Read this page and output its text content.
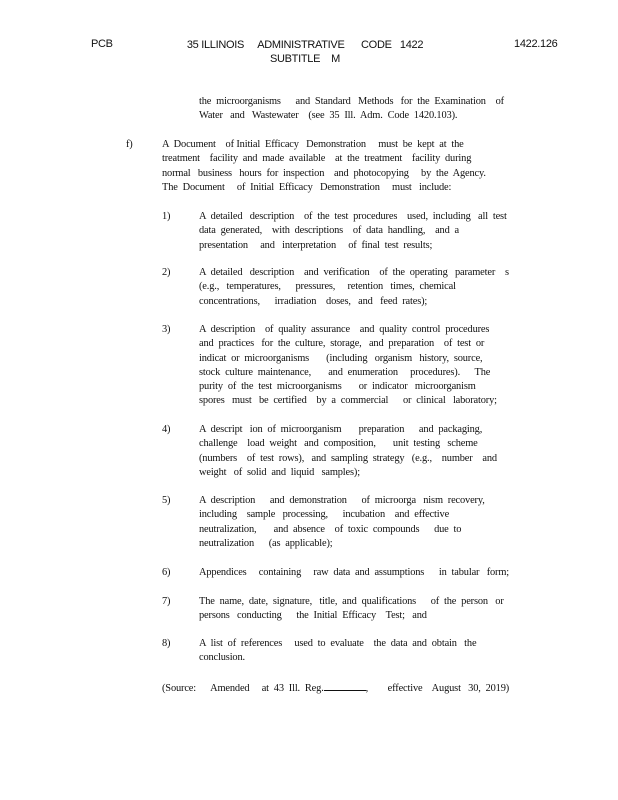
PCB	35 ILLINOIS     ADMINISTRATIVE      CODE   1422
SUBTITLE    M
1422.126
the  microorganisms      and  Standard   Methods   for  the  Examination    of
Water   and   Wastewater    (see  35  Ill.  Adm.  Code  1420.103).
f)	A  Document    of Initial  Efficacy   Demonstration     must  be  kept  at  the
treatment    facility  and  made  available    at  the  treatment    facility  during
normal   business   hours  for  inspection    and  photocopying     by  the  Agency.
The  Document     of  Initial  Efficacy   Demonstration     must   include:
1)	A  detailed   description    of  the  test  procedures    used,  including   all  test
data  generated,    with  descriptions    of  data  handling,    and  a
presentation     and   interpretation     of  final  test  results;
2)	A  detailed   description    and  verification    of  the  operating   parameter    s
(e.g.,   temperatures,      pressures,     retention   times,  chemical
concentrations,      irradiation    doses,   and   feed  rates);
3)	A  description    of  quality  assurance    and  quality  control  procedures
and  practices   for  the  culture,  storage,   and  preparation    of  test  or
indicat  or  microorganisms       (including   organism   history,  source,
stock  culture  maintenance,       and  enumeration     procedures).      The
purity  of  the  test  microorganisms       or  indicator   microorganism
spores   must   be  certified    by  a  commercial      or  clinical   laboratory;
4)	A  descript   ion  of  microorganism       preparation      and  packaging,
challenge    load  weight   and  composition,       unit  testing   scheme
(numbers    of  test  rows),   and  sampling  strategy   (e.g.,    number    and
weight   of  solid  and  liquid   samples);
5)	A  description      and  demonstration      of  microorga   nism  recovery,
including    sample   processing,      incubation    and  effective
neutralization,       and  absence    of  toxic  compounds      due  to
neutralization      (as  applicable);
6)	Appendices     containing     raw  data  and  assumptions      in  tabular   form;
7)	The  name,  date,  signature,   title,  and  qualifications      of  the  person   or
persons   conducting      the  Initial  Efficacy    Test;   and
8)	A  list  of  references     used  to  evaluate    the  data  and  obtain   the
conclusion.
(Source:      Amended     at  43  Ill.  Reg.	,        effective    August   30,  2019)
